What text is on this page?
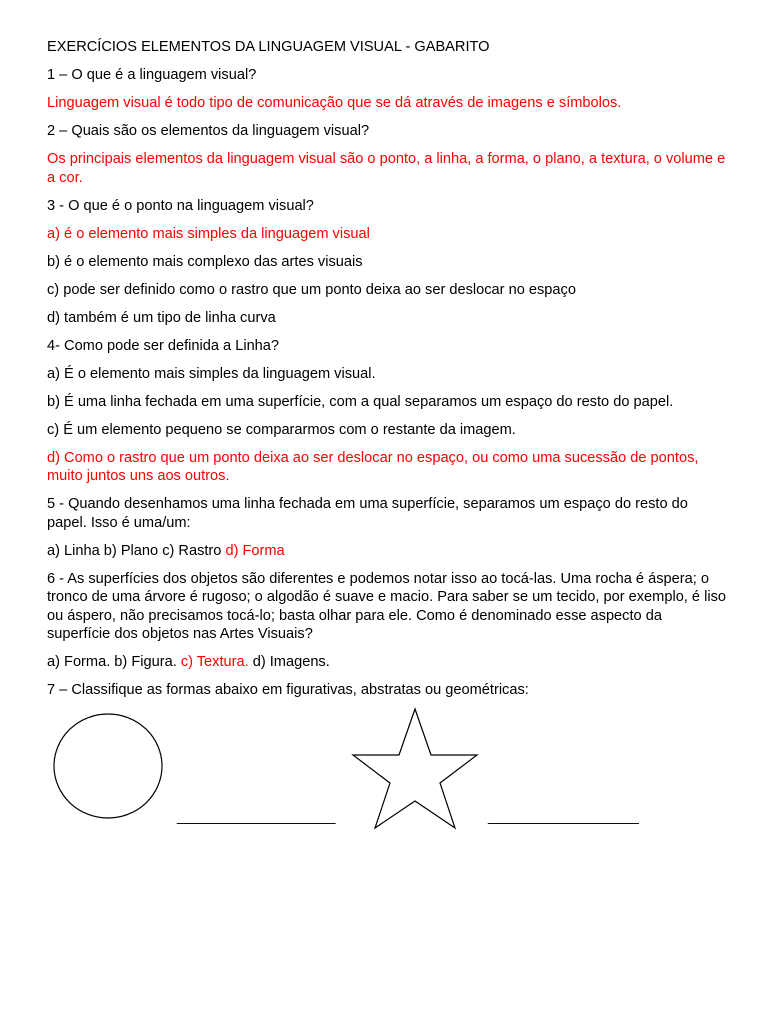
EXERCÍCIOS ELEMENTOS DA LINGUAGEM VISUAL - GABARITO

1 – O que é a linguagem visual?

Linguagem visual é todo tipo de comunicação que se dá através de imagens e símbolos.

2 – Quais são os elementos da linguagem visual?

Os principais elementos da linguagem visual são o ponto, a linha, a forma, o plano, a textura, o volume e a cor.

3 - O que é o ponto na linguagem visual?

a) é o elemento mais simples da linguagem visual

b) é o elemento mais complexo das artes visuais

c) pode ser definido como o rastro que um ponto deixa ao ser deslocar no espaço

d) também é um tipo de linha curva

4- Como pode ser definida a Linha?

a) É o elemento mais simples da linguagem visual.

b) É uma linha fechada em uma superfície, com a qual separamos um espaço do resto do papel.

c) É um elemento pequeno se compararmos com o restante da imagem.

d) Como o rastro que um ponto deixa ao ser deslocar no espaço, ou como uma sucessão de pontos, muito juntos uns aos outros.

5 - Quando desenhamos uma linha fechada em uma superfície, separamos um espaço do resto do papel. Isso é uma/um:

a) Linha b) Plano c) Rastro d) Forma

6 - As superfícies dos objetos são diferentes e podemos notar isso ao tocá-las. Uma rocha é áspera; o tronco de uma árvore é rugoso; o algodão é suave e macio. Para saber se um tecido, por exemplo, é liso ou áspero, não precisamos tocá-lo; basta olhar para ele. Como é denominado esse aspecto da superfície dos objetos nas Artes Visuais?

a) Forma. b) Figura. c) Textura. d) Imagens.

7 – Classifique as formas abaixo em figurativas, abstratas ou geométricas:

_____________________	____________________
